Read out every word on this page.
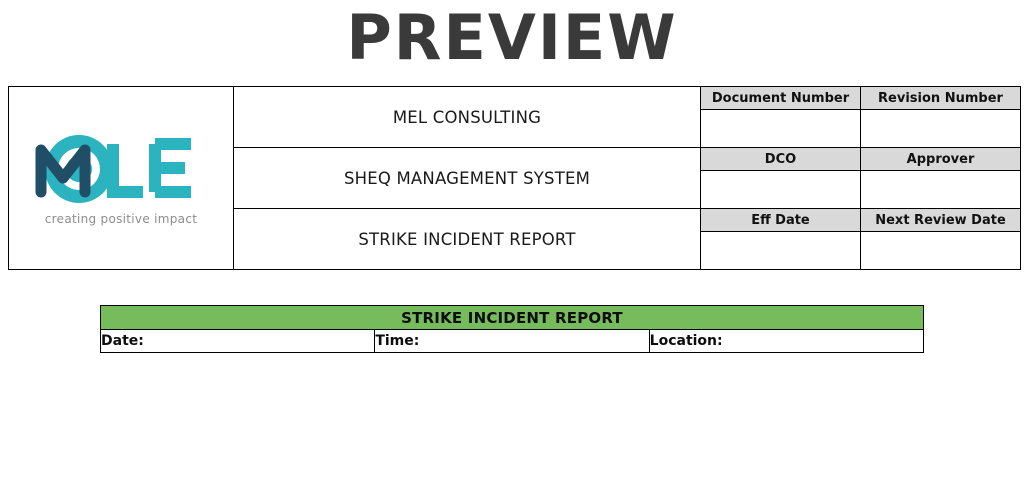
PREVIEW
creating positive impact	MEL CONSULTING	Document Number	Revision Number

	SHEQ MANAGEMENT SYSTEM	DCO	Approver

	STRIKE INCIDENT REPORT	Eff Date	Next Review Date

STRIKE INCIDENT REPORT
Date:	Time:	Location:
